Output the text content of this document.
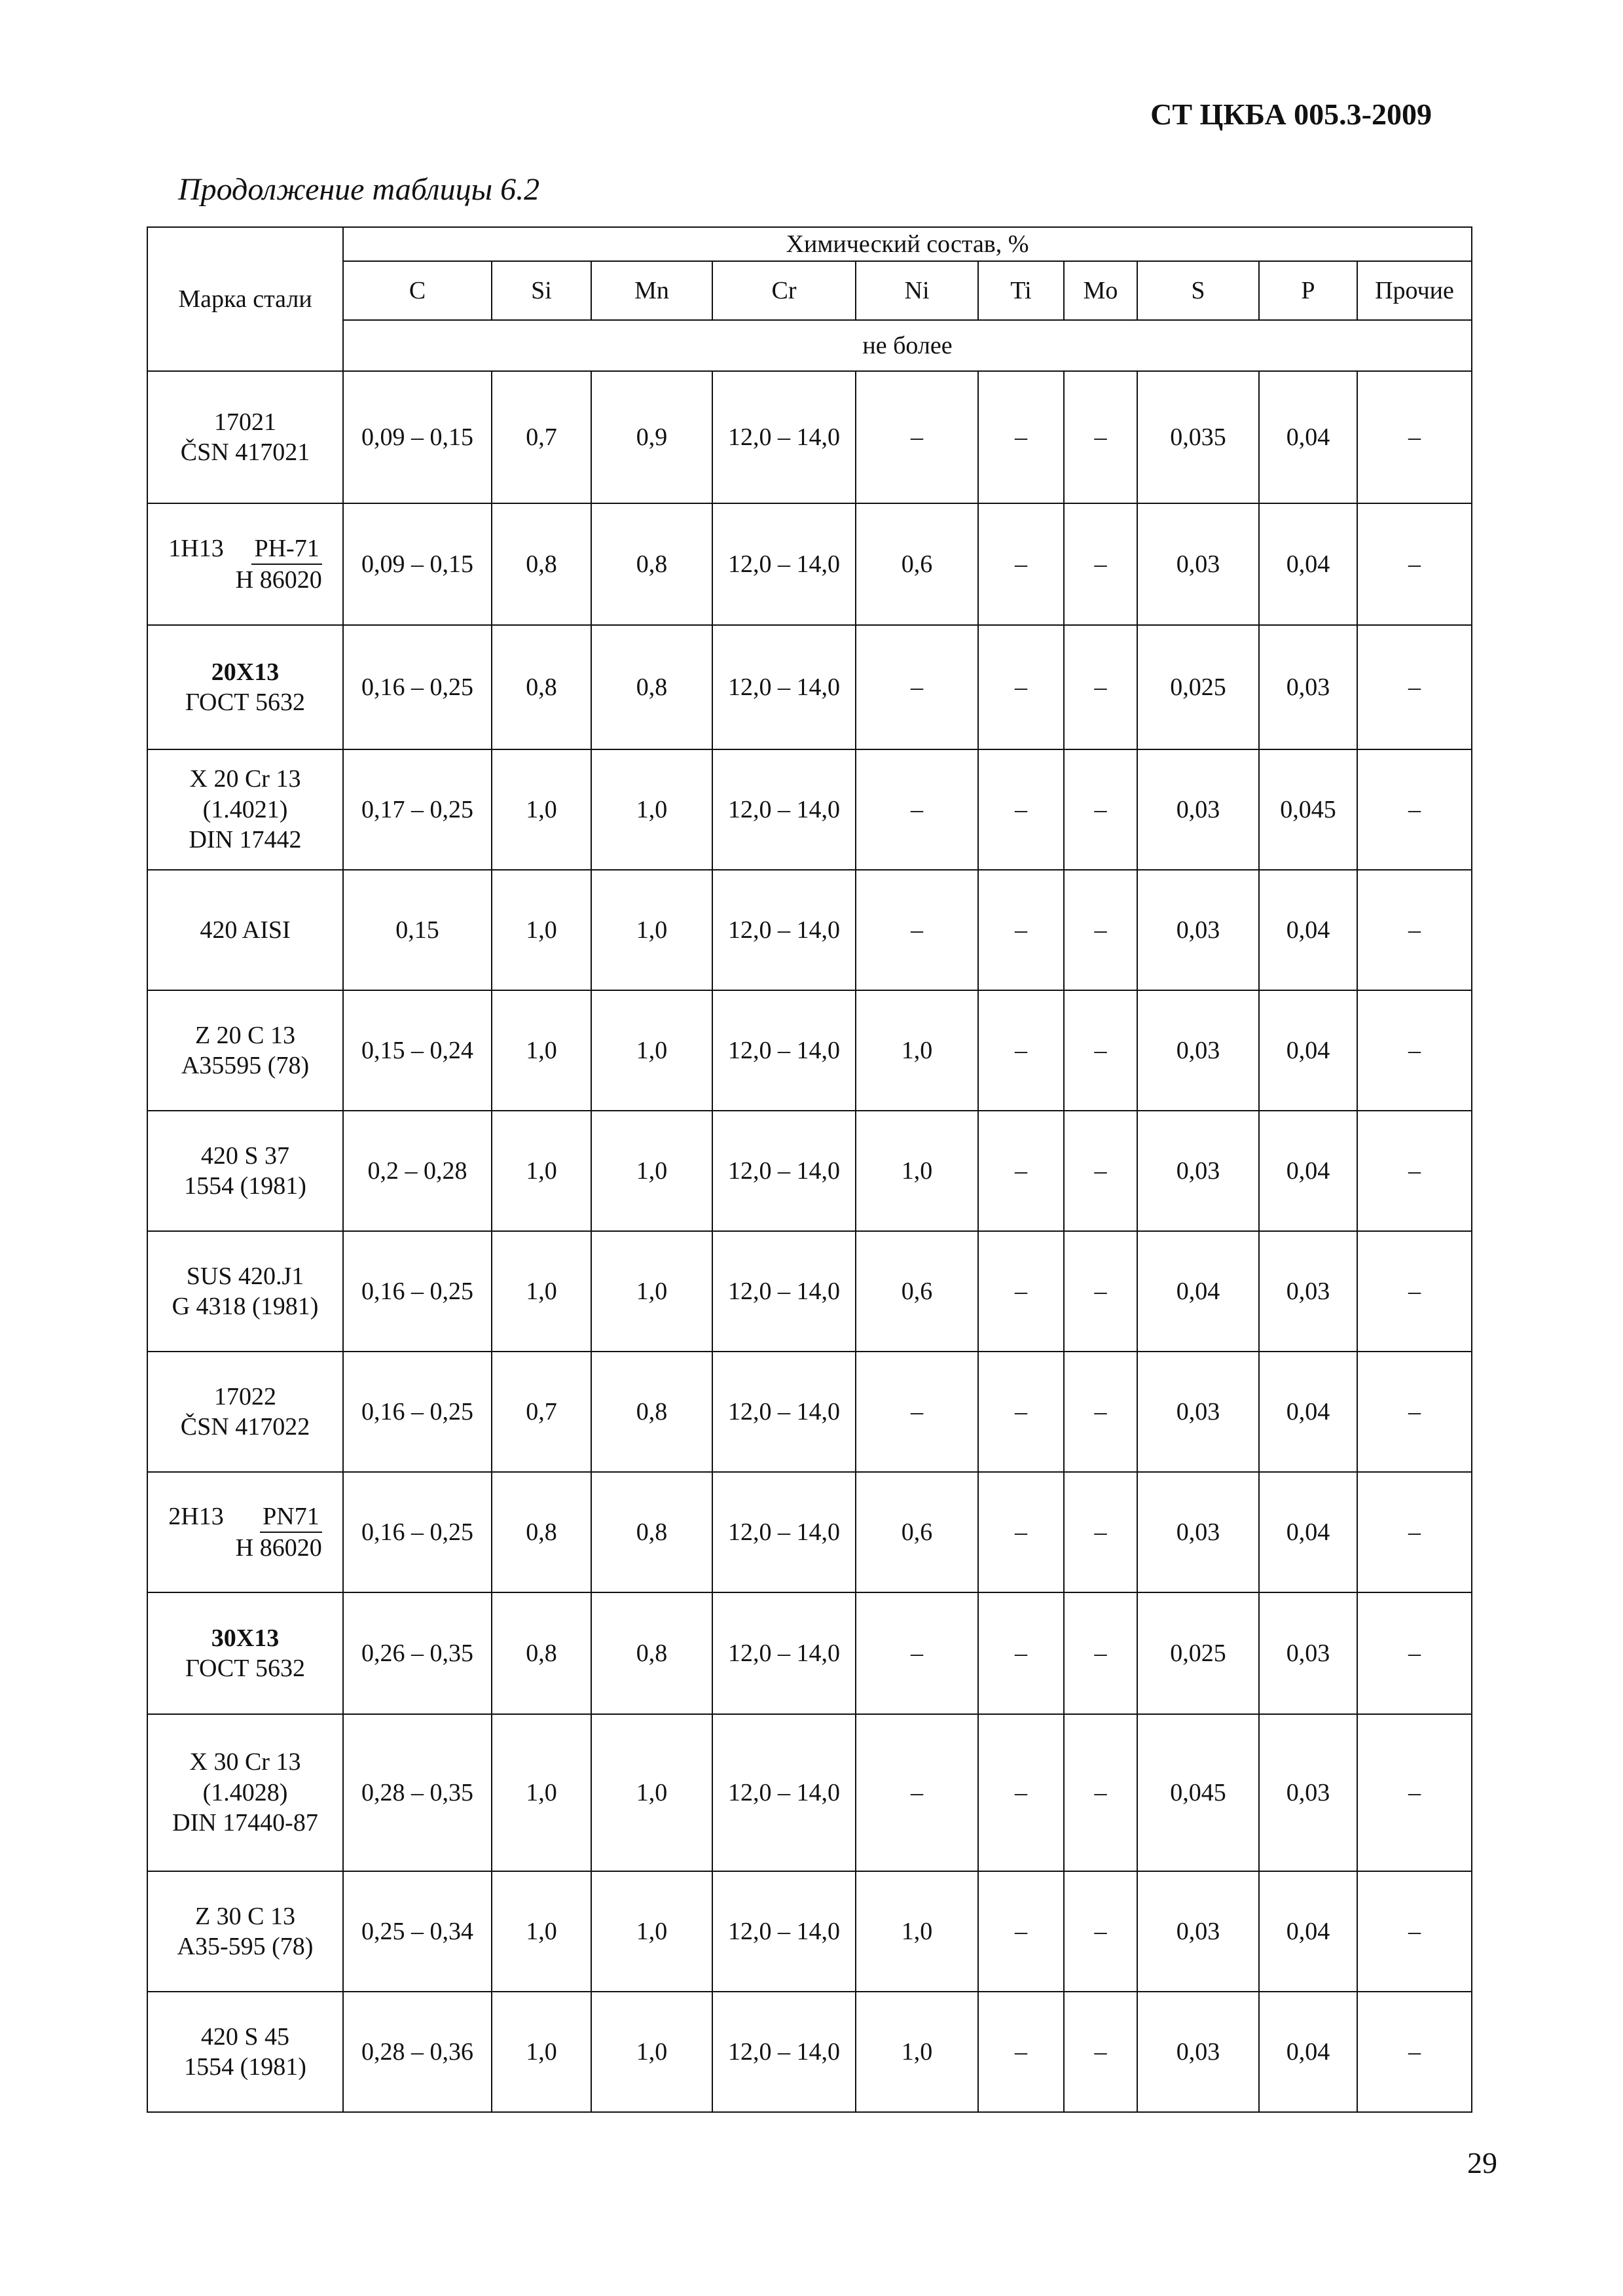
СТ ЦКБА 005.3-2009
Продолжение таблицы 6.2
Марка стали	Химический состав, %									
	C	Si	Mn	Cr	Ni	Ti	Mo	S	P	Прочие
	не более									

17021
ČSN 417021	0,09 – 0,15	0,7	0,9	12,0 – 14,0	–	–	–	0,035	0,04	–
$1H13 \frac{PH-71}{H 86020}$	0,09 – 0,15	0,8	0,8	12,0 – 14,0	0,6	–	–	0,03	0,04	–

20Х13
ГОСТ 5632	0,16 – 0,25	0,8	0,8	12,0 – 14,0	–	–	–	0,025	0,03	–

X 20 Cr 13
(1.4021)
DIN 17442	0,17 – 0,25	1,0	1,0	12,0 – 14,0	–	–	–	0,03	0,045	–

420 AISI	0,15	1,0	1,0	12,0 – 14,0	–	–	–	0,03	0,04	–

Z 20 C 13
A35595 (78)	0,15 – 0,24	1,0	1,0	12,0 – 14,0	1,0	–	–	0,03	0,04	–

420 S 37
1554 (1981)	0,2 – 0,28	1,0	1,0	12,0 – 14,0	1,0	–	–	0,03	0,04	–

SUS 420.J1
G 4318 (1981)	0,16 – 0,25	1,0	1,0	12,0 – 14,0	0,6	–	–	0,04	0,03	–

17022
ČSN 417022	0,16 – 0,25	0,7	0,8	12,0 – 14,0	–	–	–	0,03	0,04	–
$2H13 \frac{PN71}{H 86020}$	0,16 – 0,25	0,8	0,8	12,0 – 14,0	0,6	–	–	0,03	0,04	–

30Х13
ГОСТ 5632	0,26 – 0,35	0,8	0,8	12,0 – 14,0	–	–	–	0,025	0,03	–

X 30 Cr 13
(1.4028)
DIN 17440-87	0,28 – 0,35	1,0	1,0	12,0 – 14,0	–	–	–	0,045	0,03	–

Z 30 C 13
A35-595 (78)	0,25 – 0,34	1,0	1,0	12,0 – 14,0	1,0	–	–	0,03	0,04	–

420 S 45
1554 (1981)	0,28 – 0,36	1,0	1,0	12,0 – 14,0	1,0	–	–	0,03	0,04	–
29
